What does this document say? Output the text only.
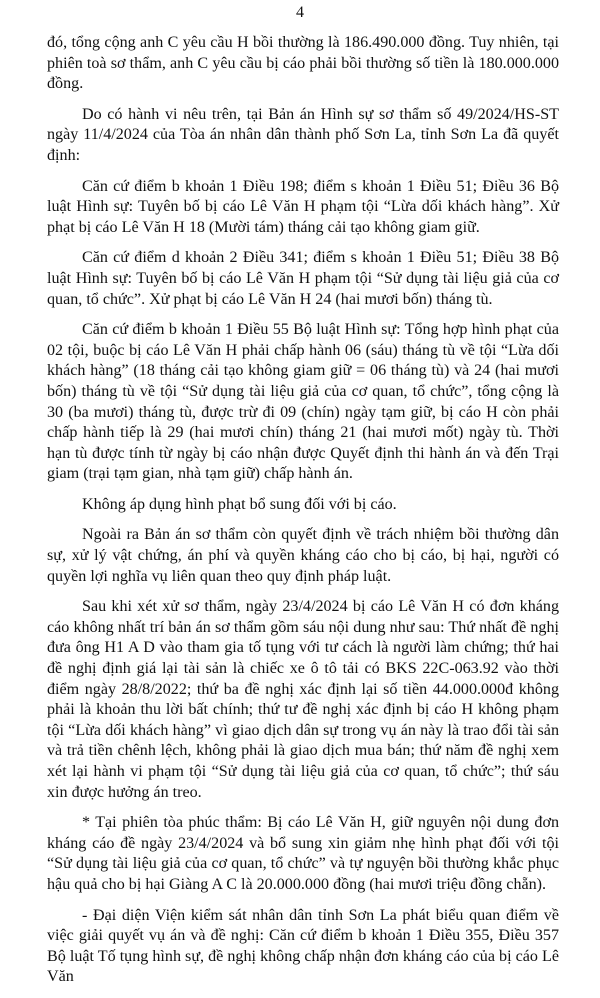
4

đó, tổng cộng anh C yêu cầu H bồi thường là 186.490.000 đồng. Tuy nhiên, tại phiên toà sơ thẩm, anh C yêu cầu bị cáo phải bồi thường số tiền là 180.000.000 đồng.

Do có hành vi nêu trên, tại Bản án Hình sự sơ thẩm số 49/2024/HS-ST ngày 11/4/2024 của Tòa án nhân dân thành phố Sơn La, tỉnh Sơn La đã quyết định:

Căn cứ điểm b khoản 1 Điều 198; điểm s khoản 1 Điều 51; Điều 36 Bộ luật Hình sự: Tuyên bố bị cáo Lê Văn H phạm tội “Lừa dối khách hàng”. Xử phạt bị cáo Lê Văn H 18 (Mười tám) tháng cải tạo không giam giữ.

Căn cứ điểm d khoản 2 Điều 341; điểm s khoản 1 Điều 51; Điều 38 Bộ luật Hình sự: Tuyên bố bị cáo Lê Văn H phạm tội “Sử dụng tài liệu giả của cơ quan, tổ chức”. Xử phạt bị cáo Lê Văn H 24 (hai mươi bốn) tháng tù.

Căn cứ điểm b khoản 1 Điều 55 Bộ luật Hình sự: Tổng hợp hình phạt của 02 tội, buộc bị cáo Lê Văn H phải chấp hành 06 (sáu) tháng tù về tội “Lừa dối khách hàng” (18 tháng cải tạo không giam giữ = 06 tháng tù) và 24 (hai mươi bốn) tháng tù về tội “Sử dụng tài liệu giả của cơ quan, tổ chức”, tổng cộng là 30 (ba mươi) tháng tù, được trừ đi 09 (chín) ngày tạm giữ, bị cáo H còn phải chấp hành tiếp là 29 (hai mươi chín) tháng 21 (hai mươi mốt) ngày tù. Thời hạn tù được tính từ ngày bị cáo nhận được Quyết định thi hành án và đến Trại giam (trại tạm gian, nhà tạm giữ) chấp hành án.

Không áp dụng hình phạt bổ sung đối với bị cáo.

Ngoài ra Bản án sơ thẩm còn quyết định về trách nhiệm bồi thường dân sự, xử lý vật chứng, án phí và quyền kháng cáo cho bị cáo, bị hại, người có quyền lợi nghĩa vụ liên quan theo quy định pháp luật.

Sau khi xét xử sơ thẩm, ngày 23/4/2024 bị cáo Lê Văn H có đơn kháng cáo không nhất trí bản án sơ thẩm gồm sáu nội dung như sau: Thứ nhất đề nghị đưa ông H1 A D vào tham gia tố tụng với tư cách là người làm chứng; thứ hai đề nghị định giá lại tài sản là chiếc xe ô tô tải có BKS 22C-063.92 vào thời điểm ngày 28/8/2022; thứ ba đề nghị xác định lại số tiền 44.000.000đ không phải là khoản thu lời bất chính; thứ tư đề nghị xác định bị cáo H không phạm tội “Lừa dối khách hàng” vì giao dịch dân sự trong vụ án này là trao đổi tài sản và trả tiền chênh lệch, không phải là giao dịch mua bán; thứ năm đề nghị xem xét lại hành vi phạm tội “Sử dụng tài liệu giả của cơ quan, tổ chức”; thứ sáu xin được hưởng án treo.

* Tại phiên tòa phúc thẩm: Bị cáo Lê Văn H, giữ nguyên nội dung đơn kháng cáo đề ngày 23/4/2024 và bổ sung xin giảm nhẹ hình phạt đối với tội “Sử dụng tài liệu giả của cơ quan, tổ chức” và tự nguyện bồi thường khắc phục hậu quả cho bị hại Giàng A C là 20.000.000 đồng (hai mươi triệu đồng chẵn).

- Đại diện Viện kiểm sát nhân dân tỉnh Sơn La phát biểu quan điểm về việc giải quyết vụ án và đề nghị: Căn cứ điểm b khoản 1 Điều 355, Điều 357 Bộ luật Tố tụng hình sự, đề nghị không chấp nhận đơn kháng cáo của bị cáo Lê Văn
